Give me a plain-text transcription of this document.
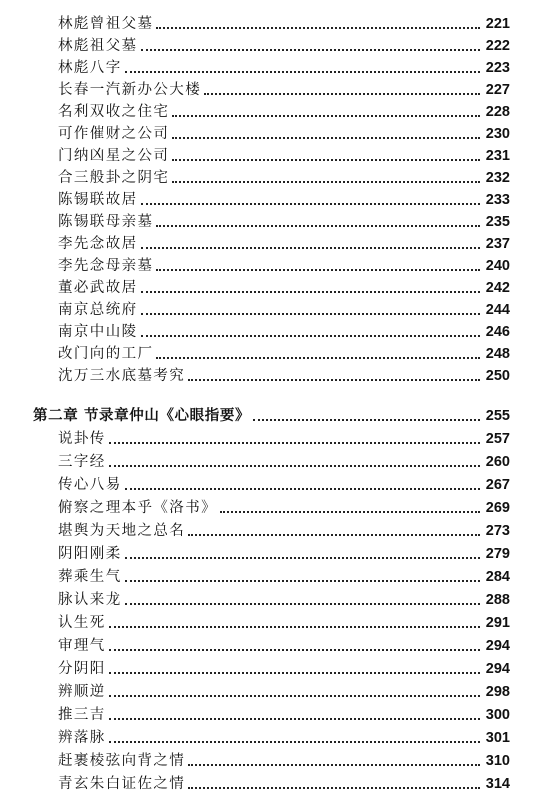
林彪曾祖父墓	221
林彪祖父墓	222
林彪八字	223
长春一汽新办公大楼	227
名利双收之住宅	228
可作催财之公司	230
门纳凶星之公司	231
合三般卦之阴宅	232
陈锡联故居	233
陈锡联母亲墓	235
李先念故居	237
李先念母亲墓	240
董必武故居	242
南京总统府	244
南京中山陵	246
改门向的工厂	248
沈万三水底墓考究	250
第二章 节录章仲山《心眼指要》	255
说卦传	257
三字经	260
传心八易	267
俯察之理本乎《洛书》	269
堪舆为天地之总名	273
阴阳刚柔	279
葬乘生气	284
脉认来龙	288
认生死	291
审理气	294
分阴阳	294
辨顺逆	298
推三吉	300
辨落脉	301
赶裹棱弦向背之情	310
青玄朱白证佐之情	314
